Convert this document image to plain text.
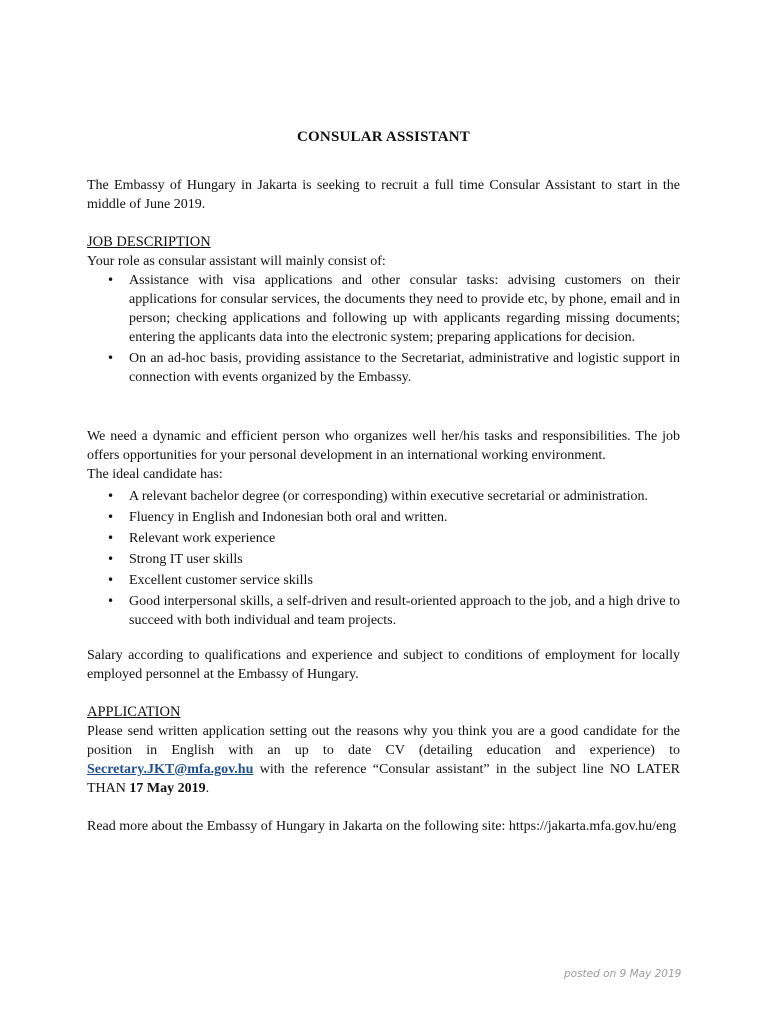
CONSULAR ASSISTANT

The Embassy of Hungary in Jakarta is seeking to recruit a full time Consular Assistant to start in the middle of June 2019.

JOB DESCRIPTION
Your role as consular assistant will mainly consist of:
• Assistance with visa applications and other consular tasks: advising customers on their applications for consular services, the documents they need to provide etc, by phone, email and in person; checking applications and following up with applicants regarding missing documents; entering the applicants data into the electronic system; preparing applications for decision.
• On an ad-hoc basis, providing assistance to the Secretariat, administrative and logistic support in connection with events organized by the Embassy.
We need a dynamic and efficient person who organizes well her/his tasks and responsibilities. The job offers opportunities for your personal development in an international working environment.
The ideal candidate has:
• A relevant bachelor degree (or corresponding) within executive secretarial or administration.
• Fluency in English and Indonesian both oral and written.
• Relevant work experience
• Strong IT user skills
• Excellent customer service skills
• Good interpersonal skills, a self-driven and result-oriented approach to the job, and a high drive to succeed with both individual and team projects.

Salary according to qualifications and experience and subject to conditions of employment for locally employed personnel at the Embassy of Hungary.

APPLICATION
Please send written application setting out the reasons why you think you are a good candidate for the position in English with an up to date CV (detailing education and experience) to Secretary.JKT@mfa.gov.hu with the reference “Consular assistant” in the subject line NO LATER THAN 17 May 2019.

Read more about the Embassy of Hungary in Jakarta on the following site: https://jakarta.mfa.gov.hu/eng

posted on 9 May 2019
